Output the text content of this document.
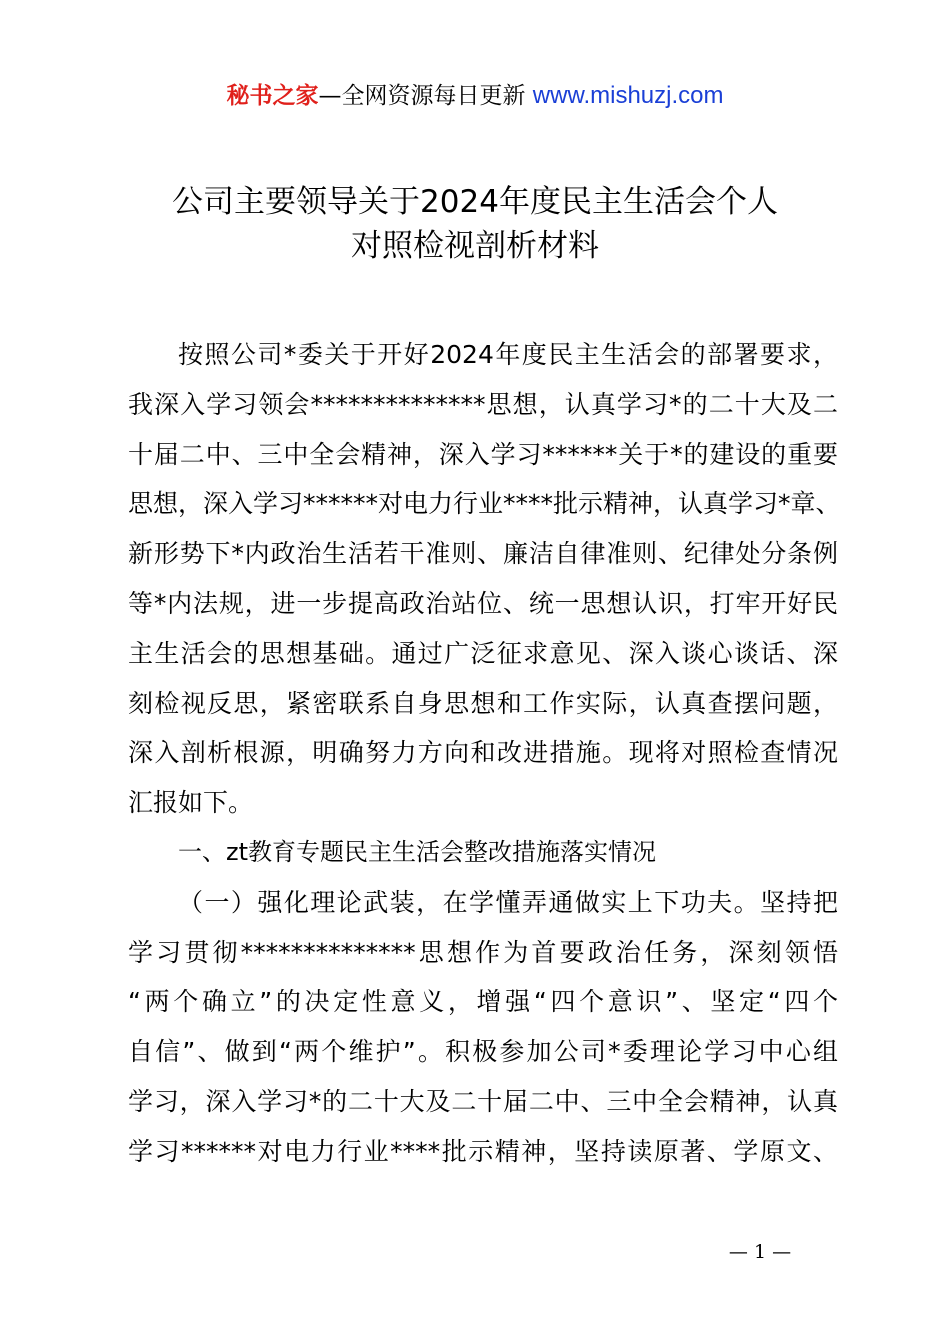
秘书之家—全网资源每日更新 www.mishuzj.com
公司主要领导关于2024年度民主生活会个人
对照检视剖析材料
按照公司*委关于开好2024年度民主生活会的部署要求，
我深入学习领会**************思想，认真学习*的二十大及二
十届二中、三中全会精神，深入学习******关于*的建设的重要
思想，深入学习******对电力行业****批示精神，认真学习*章、
新形势下*内政治生活若干准则、廉洁自律准则、纪律处分条例
等*内法规，进一步提高政治站位、统一思想认识，打牢开好民
主生活会的思想基础。通过广泛征求意见、深入谈心谈话、深
刻检视反思，紧密联系自身思想和工作实际，认真查摆问题，
深入剖析根源，明确努力方向和改进措施。现将对照检查情况
汇报如下。
一、zt教育专题民主生活会整改措施落实情况
（一）强化理论武装，在学懂弄通做实上下功夫。坚持把
学习贯彻**************思想作为首要政治任务，深刻领悟
“两个确立”的决定性意义，增强“四个意识”、坚定“四个
自信”、做到“两个维护”。积极参加公司*委理论学习中心组
学习，深入学习*的二十大及二十届二中、三中全会精神，认真
学习******对电力行业****批示精神，坚持读原著、学原文、
— 1 —
